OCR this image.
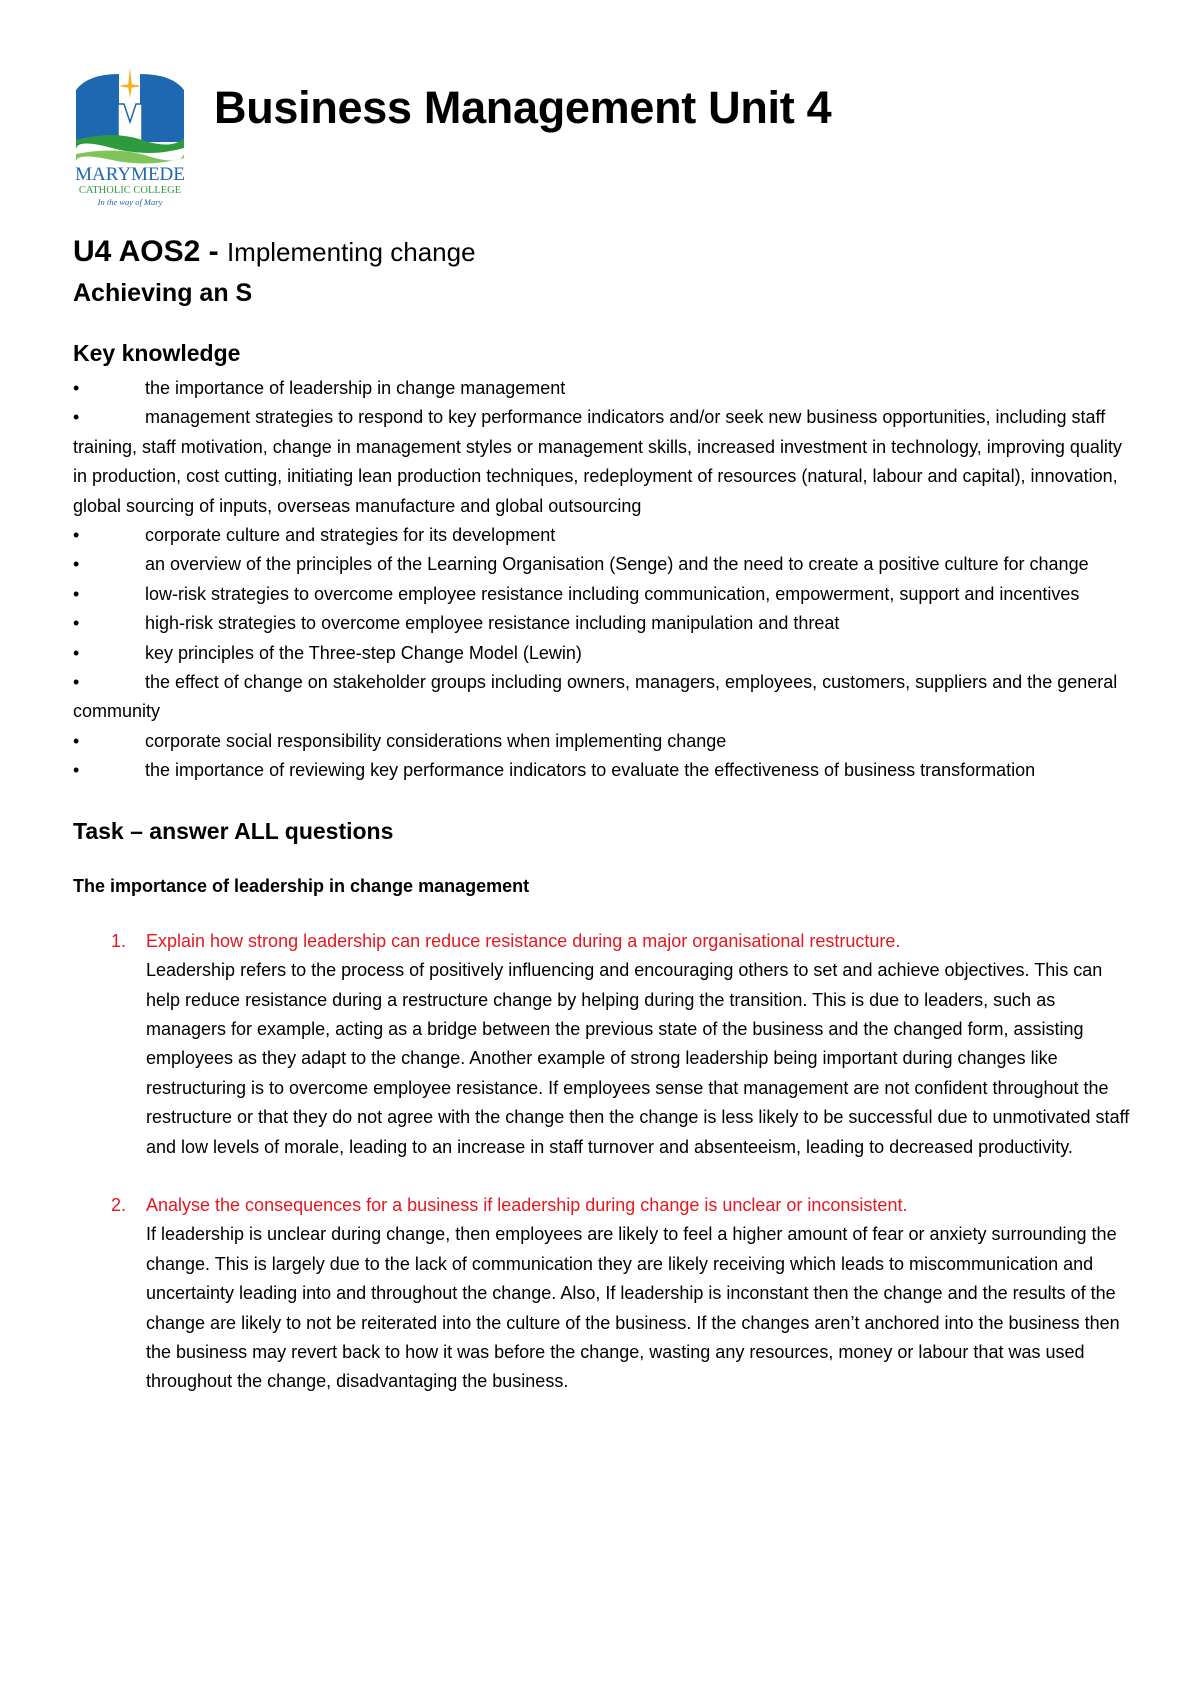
MARYMEDE
CATHOLIC COLLEGE
In the way of Mary
Business Management Unit 4
U4 AOS2 - Implementing change
Achieving an S
Key knowledge
•	the importance of leadership in change management
•	management strategies to respond to key performance indicators and/or seek new business opportunities, including staff training, staff motivation, change in management styles or management skills, increased investment in technology, improving quality in production, cost cutting, initiating lean production techniques, redeployment of resources (natural, labour and capital), innovation, global sourcing of inputs, overseas manufacture and global outsourcing
•	corporate culture and strategies for its development
•	an overview of the principles of the Learning Organisation (Senge) and the need to create a positive culture for change
•	low-risk strategies to overcome employee resistance including communication, empowerment, support and incentives
•	high-risk strategies to overcome employee resistance including manipulation and threat
•	key principles of the Three-step Change Model (Lewin)
•	the effect of change on stakeholder groups including owners, managers, employees, customers, suppliers and the general community
•	corporate social responsibility considerations when implementing change
•	the importance of reviewing key performance indicators to evaluate the effectiveness of business transformation
Task – answer ALL questions
The importance of leadership in change management
1. Explain how strong leadership can reduce resistance during a major organisational restructure.

Leadership refers to the process of positively influencing and encouraging others to set and achieve objectives. This can help reduce resistance during a restructure change by helping during the transition. This is due to leaders, such as managers for example, acting as a bridge between the previous state of the business and the changed form, assisting employees as they adapt to the change. Another example of strong leadership being important during changes like restructuring is to overcome employee resistance. If employees sense that management are not confident throughout the restructure or that they do not agree with the change then the change is less likely to be successful due to unmotivated staff and low levels of morale, leading to an increase in staff turnover and absenteeism, leading to decreased productivity.

2. Analyse the consequences for a business if leadership during change is unclear or inconsistent.

If leadership is unclear during change, then employees are likely to feel a higher amount of fear or anxiety surrounding the change. This is largely due to the lack of communication they are likely receiving which leads to miscommunication and uncertainty leading into and throughout the change. Also, If leadership is inconstant then the change and the results of the change are likely to not be reiterated into the culture of the business. If the changes aren’t anchored into the business then the business may revert back to how it was before the change, wasting any resources, money or labour that was used throughout the change, disadvantaging the business.
